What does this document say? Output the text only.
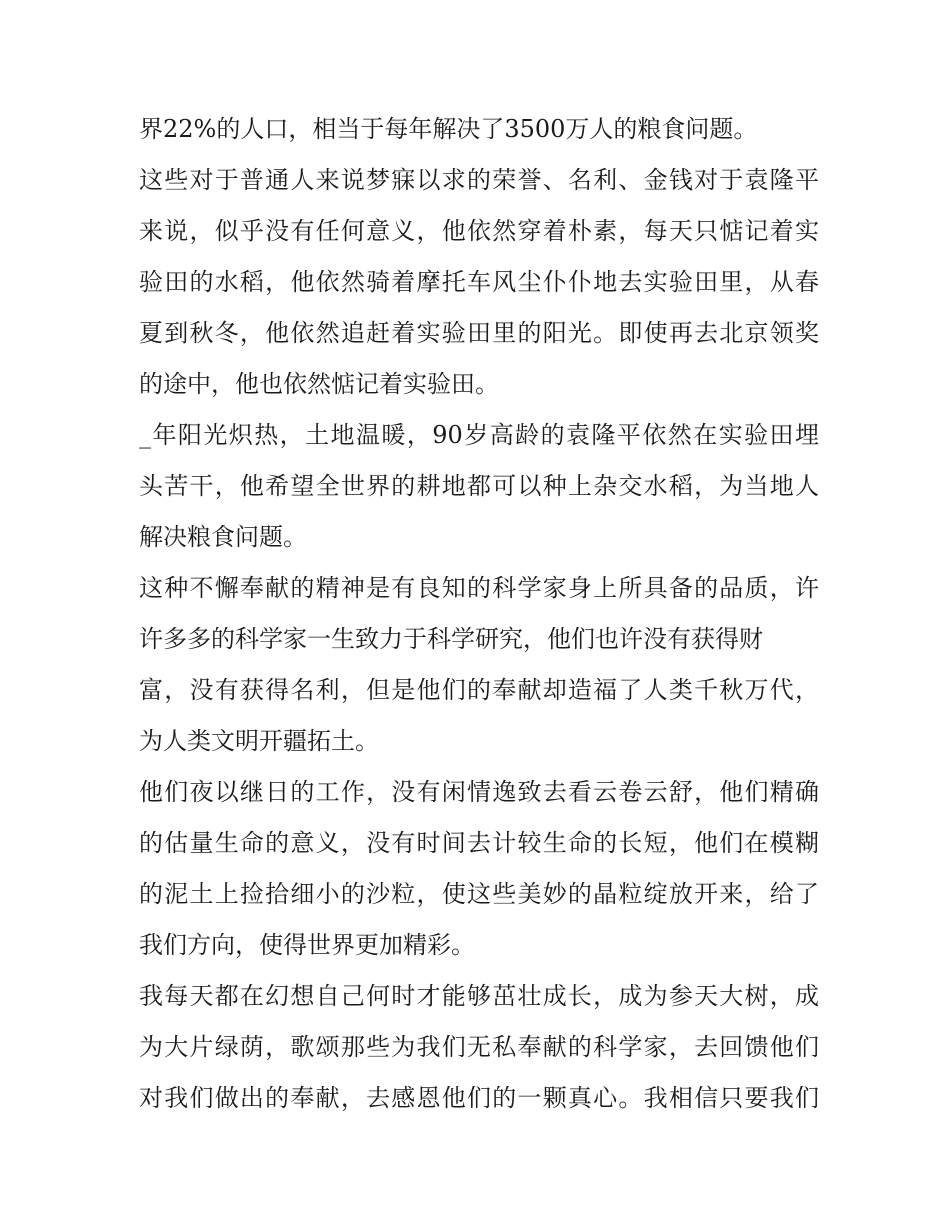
界22%的人口，相当于每年解决了3500万人的粮食问题。
这些对于普通人来说梦寐以求的荣誉、名利、金钱对于袁隆平
来说，似乎没有任何意义，他依然穿着朴素，每天只惦记着实
验田的水稻，他依然骑着摩托车风尘仆仆地去实验田里，从春
夏到秋冬，他依然追赶着实验田里的阳光。即使再去北京领奖
的途中，他也依然惦记着实验田。
_年阳光炽热，土地温暖，90岁高龄的袁隆平依然在实验田埋
头苦干，他希望全世界的耕地都可以种上杂交水稻，为当地人
解决粮食问题。
这种不懈奉献的精神是有良知的科学家身上所具备的品质，许
许多多的科学家一生致力于科学研究，他们也许没有获得财
富，没有获得名利，但是他们的奉献却造福了人类千秋万代，
为人类文明开疆拓土。
他们夜以继日的工作，没有闲情逸致去看云卷云舒，他们精确
的估量生命的意义，没有时间去计较生命的长短，他们在模糊
的泥土上捡拾细小的沙粒，使这些美妙的晶粒绽放开来，给了
我们方向，使得世界更加精彩。
我每天都在幻想自己何时才能够茁壮成长，成为参天大树，成
为大片绿荫，歌颂那些为我们无私奉献的科学家，去回馈他们
对我们做出的奉献，去感恩他们的一颗真心。我相信只要我们
